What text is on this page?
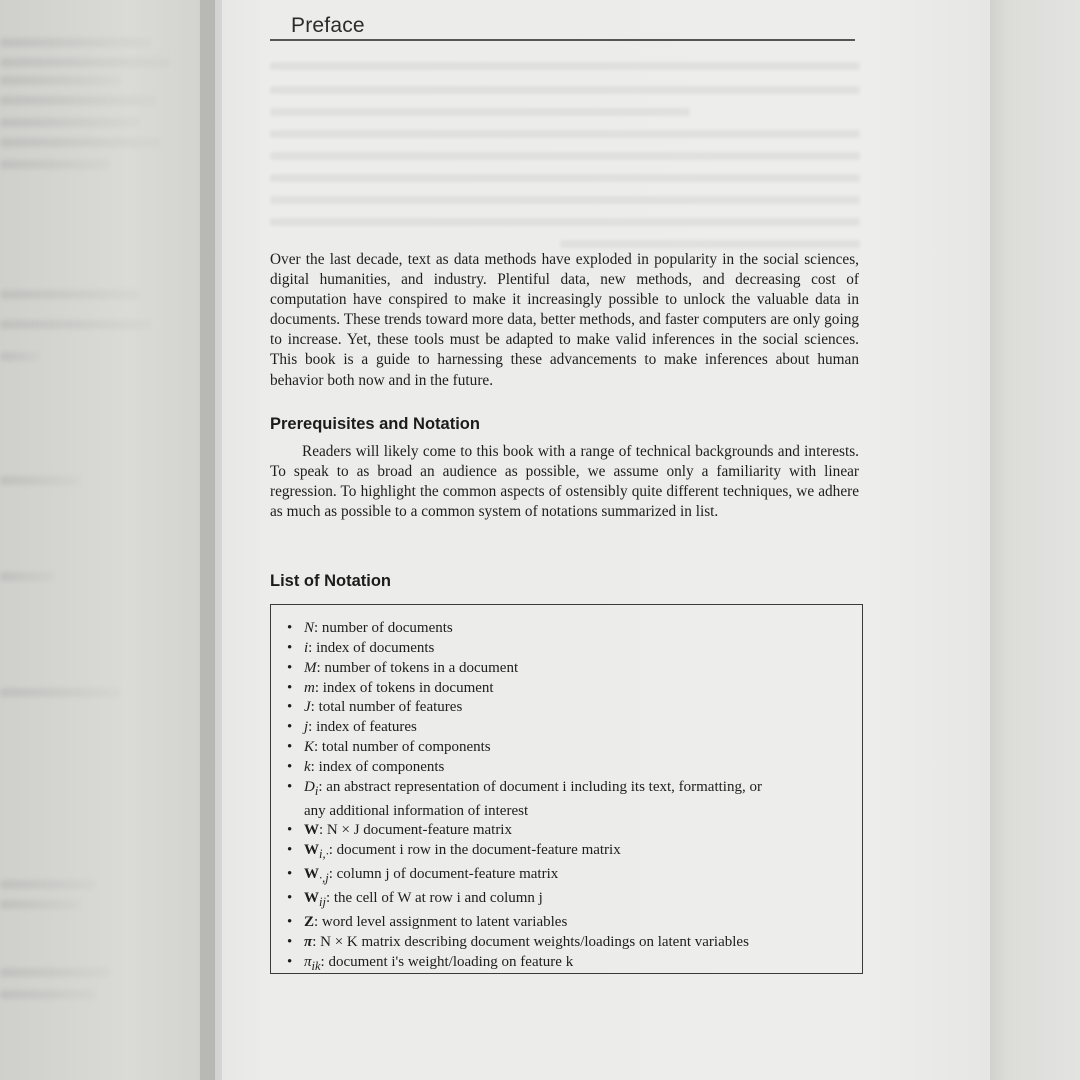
Preface

Over the last decade, text as data methods have exploded in popularity in the social sciences, digital humanities, and industry. Plentiful data, new methods, and decreasing cost of computation have conspired to make it increasingly possible to unlock the valuable data in documents. These trends toward more data, better methods, and faster computers are only going to increase. Yet, these tools must be adapted to make valid inferences in the social sciences. This book is a guide to harnessing these advancements to make inferences about human behavior both now and in the future.

Prerequisites and Notation

Readers will likely come to this book with a range of technical backgrounds and interests. To speak to as broad an audience as possible, we assume only a familiarity with linear regression. To highlight the common aspects of ostensibly quite different techniques, we adhere as much as possible to a common system of notations summarized in list.

List of Notation
• N: number of documents
• i: index of documents
• M: number of tokens in a document
• m: index of tokens in document
• J: total number of features
• j: index of features
• K: total number of components
• k: index of components
• $D_i$: an abstract representation of document i including its text, formatting, or
any additional information of interest
• W: N × J document-feature matrix
• $W_{i,\cdot}$: document i row in the document-feature matrix
• $W_{\cdot,j}$: column j of document-feature matrix
• $W_{ij}$: the cell of W at row i and column j
• Z: word level assignment to latent variables
• π: N × K matrix describing document weights/loadings on latent variables
• $\pi_{ik}$: document i's weight/loading on feature k
